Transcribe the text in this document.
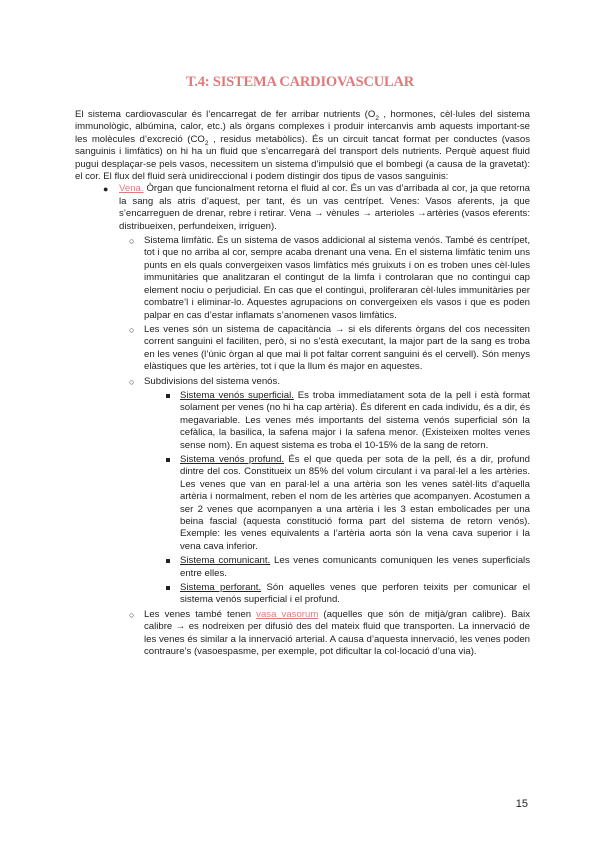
T.4: SISTEMA CARDIOVASCULAR

El sistema cardiovascular és l’encarregat de fer arribar nutrients ($O_2$ , hormones, cèl·lules del sistema immunològic, albúmina, calor, etc.) als òrgans complexes i produir intercanvis amb aquests important-se les molècules d’excreció ($CO_2$ , residus metabòlics). És un circuit tancat format per conductes (vasos sanguinis i limfàtics) on hi ha un fluid que s’encarregarà del transport dels nutrients. Perquè aquest fluid pugui desplaçar-se pels vasos, necessitem un sistema d’impulsió que el bombegi (a causa de la gravetat): el cor. El flux del fluid serà unidireccional i podem distingir dos tipus de vasos sanguinis:

● Vena. Òrgan que funcionalment retorna el fluid al cor. És un vas d’arribada al cor, ja que retorna la sang als atris d’aquest, per tant, és un vas centrípet. Venes: Vasos aferents, ja que s’encarreguen de drenar, rebre i retirar. Vena → vènules → arterioles →artèries (vasos eferents: distribueixen, perfundeixen, irriguen).
○ Sistema limfàtic. És un sistema de vasos addicional al sistema venós. També és centrípet, tot i que no arriba al cor, sempre acaba drenant una vena. En el sistema limfàtic tenim uns punts en els quals convergeixen vasos limfàtics més gruixuts i on es troben unes cèl·lules immunitàries que analitzaran el contingut de la limfa i controlaran que no contingui cap element nociu o perjudicial. En cas que el contingui, proliferaran cèl·lules immunitàries per combatre’l i eliminar-lo. Aquestes agrupacions on convergeixen els vasos i que es poden palpar en cas d’estar inflamats s’anomenen vasos limfàtics.
○ Les venes són un sistema de capacitància → si els diferents òrgans del cos necessiten corrent sanguini el faciliten, però, si no s’està executant, la major part de la sang es troba en les venes (l’únic òrgan al que mai li pot faltar corrent sanguini és el cervell). Són menys elàstiques que les artèries, tot i que la llum és major en aquestes.
○ Subdivisions del sistema venós.
Sistema venós superficial. Es troba immediatament sota de la pell i està format solament per venes (no hi ha cap artèria). És diferent en cada individu, és a dir, és megavariable. Les venes més importants del sistema venós superficial són la cefàlica, la basilica, la safena major i la safena menor. (Existeixen moltes venes sense nom). En aquest sistema es troba el 10-15% de la sang de retorn.
Sistema venós profund. És el que queda per sota de la pell, és a dir, profund dintre del cos. Constitueix un 85% del volum circulant i va paral·lel a les artèries. Les venes que van en paral·lel a una artèria son les venes satèl·lits d’aquella artèria i normalment, reben el nom de les artèries que acompanyen. Acostumen a ser 2 venes que acompanyen a una artèria i les 3 estan embolicades per una beina fascial (aquesta constitució forma part del sistema de retorn venós). Exemple: les venes equivalents a l’artèria aorta són la vena cava superior i la vena cava inferior.
Sistema comunicant. Les venes comunicants comuniquen les venes superficials entre elles.
Sistema perforant. Són aquelles venes que perforen teixits per comunicar el sistema venós superficial i el profund.
○ Les venes també tenen vasa vasorum (aquelles que són de mitjà/gran calibre). Baix calibre → es nodreixen per difusió des del mateix fluid que transporten. La innervació de les venes és similar a la innervació arterial. A causa d’aquesta innervació, les venes poden contraure’s (vasoespasme, per exemple, pot dificultar la col·locació d’una via).
15
